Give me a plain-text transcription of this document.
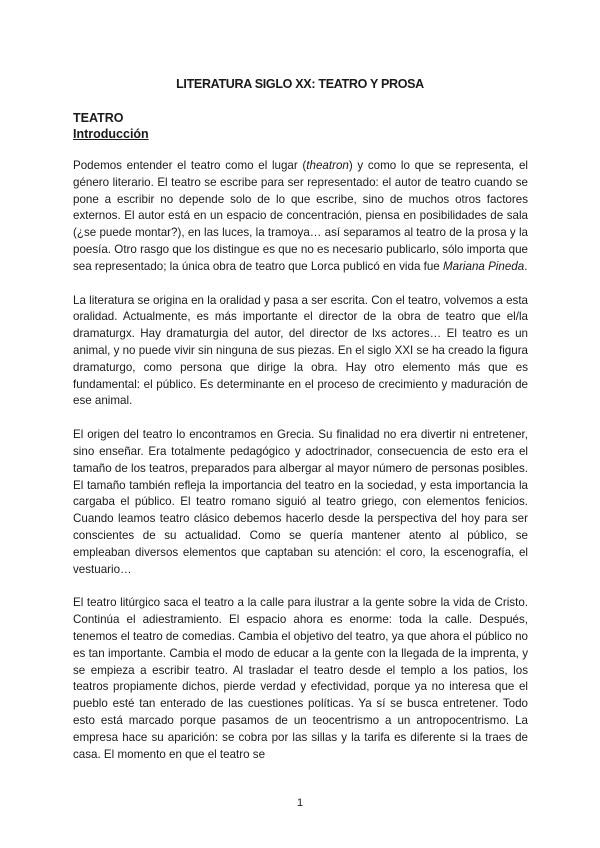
LITERATURA SIGLO XX: TEATRO Y PROSA
TEATRO
Introducción

Podemos entender el teatro como el lugar (theatron) y como lo que se representa, el género literario. El teatro se escribe para ser representado: el autor de teatro cuando se pone a escribir no depende solo de lo que escribe, sino de muchos otros factores externos. El autor está en un espacio de concentración, piensa en posibilidades de sala (¿se puede montar?), en las luces, la tramoya… así separamos al teatro de la prosa y la poesía. Otro rasgo que los distingue es que no es necesario publicarlo, sólo importa que sea representado; la única obra de teatro que Lorca publicó en vida fue Mariana Pineda.

La literatura se origina en la oralidad y pasa a ser escrita. Con el teatro, volvemos a esta oralidad. Actualmente, es más importante el director de la obra de teatro que el/la dramaturgx. Hay dramaturgia del autor, del director de lxs actores… El teatro es un animal, y no puede vivir sin ninguna de sus piezas. En el siglo XXI se ha creado la figura dramaturgo, como persona que dirige la obra. Hay otro elemento más que es fundamental: el público. Es determinante en el proceso de crecimiento y maduración de ese animal.

El origen del teatro lo encontramos en Grecia. Su finalidad no era divertir ni entretener, sino enseñar. Era totalmente pedagógico y adoctrinador, consecuencia de esto era el tamaño de los teatros, preparados para albergar al mayor número de personas posibles. El tamaño también refleja la importancia del teatro en la sociedad, y esta importancia la cargaba el público. El teatro romano siguió al teatro griego, con elementos fenicios. Cuando leamos teatro clásico debemos hacerlo desde la perspectiva del hoy para ser conscientes de su actualidad. Como se quería mantener atento al público, se empleaban diversos elementos que captaban su atención: el coro, la escenografía, el vestuario…

El teatro litúrgico saca el teatro a la calle para ilustrar a la gente sobre la vida de Cristo. Continúa el adiestramiento. El espacio ahora es enorme: toda la calle. Después, tenemos el teatro de comedias. Cambia el objetivo del teatro, ya que ahora el público no es tan importante. Cambia el modo de educar a la gente con la llegada de la imprenta, y se empieza a escribir teatro. Al trasladar el teatro desde el templo a los patios, los teatros propiamente dichos, pierde verdad y efectividad, porque ya no interesa que el pueblo esté tan enterado de las cuestiones políticas. Ya sí se busca entretener. Todo esto está marcado porque pasamos de un teocentrismo a un antropocentrismo. La empresa hace su aparición: se cobra por las sillas y la tarifa es diferente si la traes de casa. El momento en que el teatro se

1
